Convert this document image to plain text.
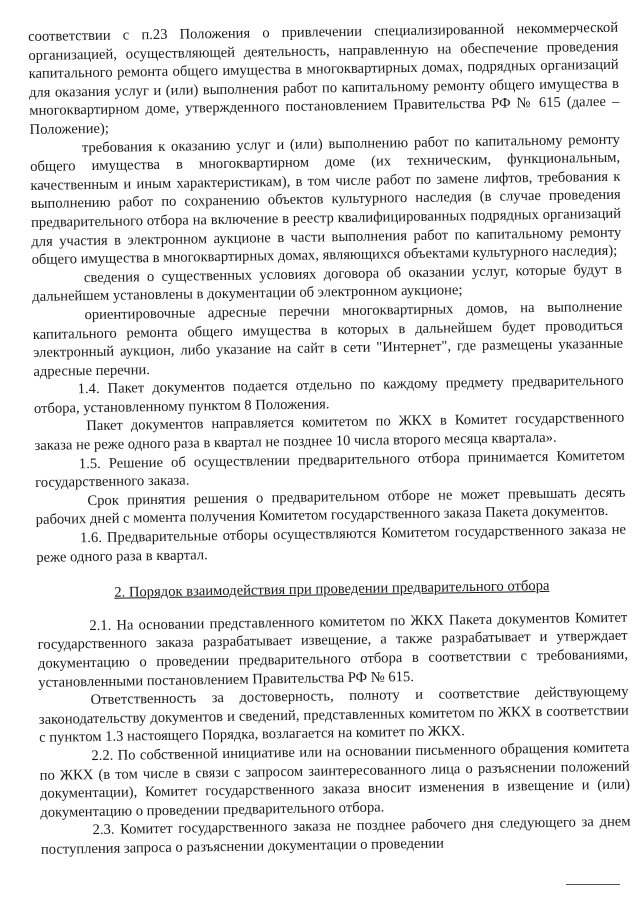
соответствии с п.23 Положения о привлечении специализированной некоммерческой организацией, осуществляющей деятельность, направленную на обеспечение проведения капитального ремонта общего имущества в многоквартирных домах, подрядных организаций для оказания услуг и (или) выполнения работ по капитальному ремонту общего имущества в многоквартирном доме, утвержденного постановлением Правительства РФ № 615 (далее – Положение);

требования к оказанию услуг и (или) выполнению работ по капитальному ремонту общего имущества в многоквартирном доме (их техническим, функциональным, качественным и иным характеристикам), в том числе работ по замене лифтов, требования к выполнению работ по сохранению объектов культурного наследия (в случае проведения предварительного отбора на включение в реестр квалифицированных подрядных организаций для участия в электронном аукционе в части выполнения работ по капитальному ремонту общего имущества в многоквартирных домах, являющихся объектами культурного наследия);

сведения о существенных условиях договора об оказании услуг, которые будут в дальнейшем установлены в документации об электронном аукционе;

ориентировочные адресные перечни многоквартирных домов, на выполнение капитального ремонта общего имущества в которых в дальнейшем будет проводиться электронный аукцион, либо указание на сайт в сети "Интернет", где размещены указанные адресные перечни.

1.4. Пакет документов подается отдельно по каждому предмету предварительного отбора, установленному пунктом 8 Положения.

Пакет документов направляется комитетом по ЖКХ в Комитет государственного заказа не реже одного раза в квартал не позднее 10 числа второго месяца квартала».

1.5. Решение об осуществлении предварительного отбора принимается Комитетом государственного заказа.

Срок принятия решения о предварительном отборе не может превышать десять рабочих дней с момента получения Комитетом государственного заказа Пакета документов.

1.6. Предварительные отборы осуществляются Комитетом государственного заказа не реже одного раза в квартал.

2. Порядок взаимодействия при проведении предварительного отбора

2.1. На основании представленного комитетом по ЖКХ Пакета документов Комитет государственного заказа разрабатывает извещение, а также разрабатывает и утверждает документацию о проведении предварительного отбора в соответствии с требованиями, установленными постановлением Правительства РФ № 615.

Ответственность за достоверность, полноту и соответствие действующему законодательству документов и сведений, представленных комитетом по ЖКХ в соответствии с пунктом 1.3 настоящего Порядка, возлагается на комитет по ЖКХ.

2.2. По собственной инициативе или на основании письменного обращения комитета по ЖКХ (в том числе в связи с запросом заинтересованного лица о разъяснении положений документации), Комитет государственного заказа вносит изменения в извещение и (или) документацию о проведении предварительного отбора.

2.3. Комитет государственного заказа не позднее рабочего дня следующего за днем поступления запроса о разъяснении документации о проведении
